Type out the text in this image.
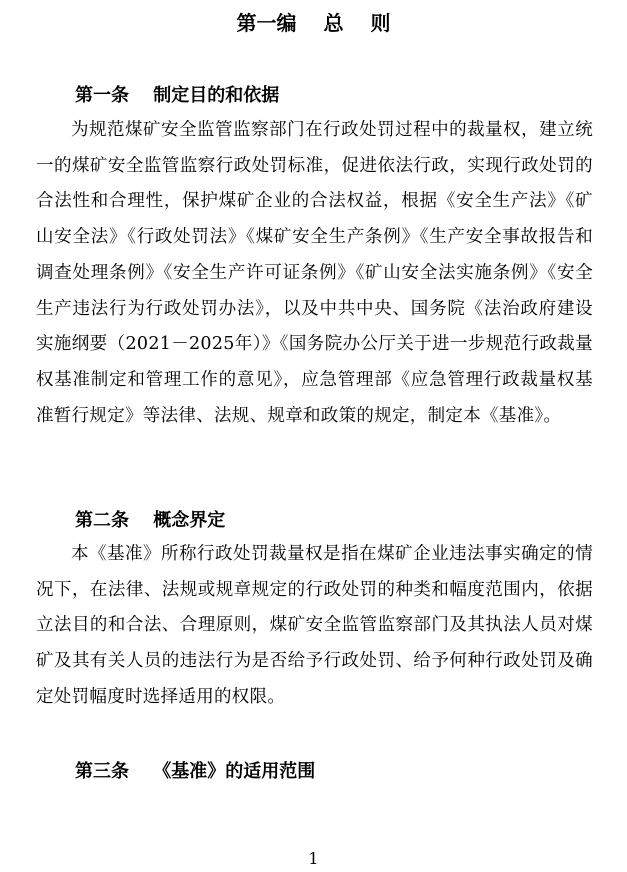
第一编　 总　 则
第一条　 制定目的和依据

为规范煤矿安全监管监察部门在行政处罚过程中的裁量权，建立统一的煤矿安全监管监察行政处罚标准，促进依法行政，实现行政处罚的合法性和合理性，保护煤矿企业的合法权益，根据《安全生产法》《矿山安全法》《行政处罚法》《煤矿安全生产条例》《生产安全事故报告和调查处理条例》《安全生产许可证条例》《矿山安全法实施条例》《安全生产违法行为行政处罚办法》，以及中共中央、国务院《法治政府建设实施纲要（2021－2025年）》《国务院办公厅关于进一步规范行政裁量权基准制定和管理工作的意见》，应急管理部《应急管理行政裁量权基准暂行规定》等法律、法规、规章和政策的规定，制定本《基准》。

第二条　 概念界定

本《基准》所称行政处罚裁量权是指在煤矿企业违法事实确定的情况下，在法律、法规或规章规定的行政处罚的种类和幅度范围内，依据立法目的和合法、合理原则，煤矿安全监管监察部门及其执法人员对煤矿及其有关人员的违法行为是否给予行政处罚、给予何种行政处罚及确定处罚幅度时选择适用的权限。

第三条　 《基准》的适用范围
1
